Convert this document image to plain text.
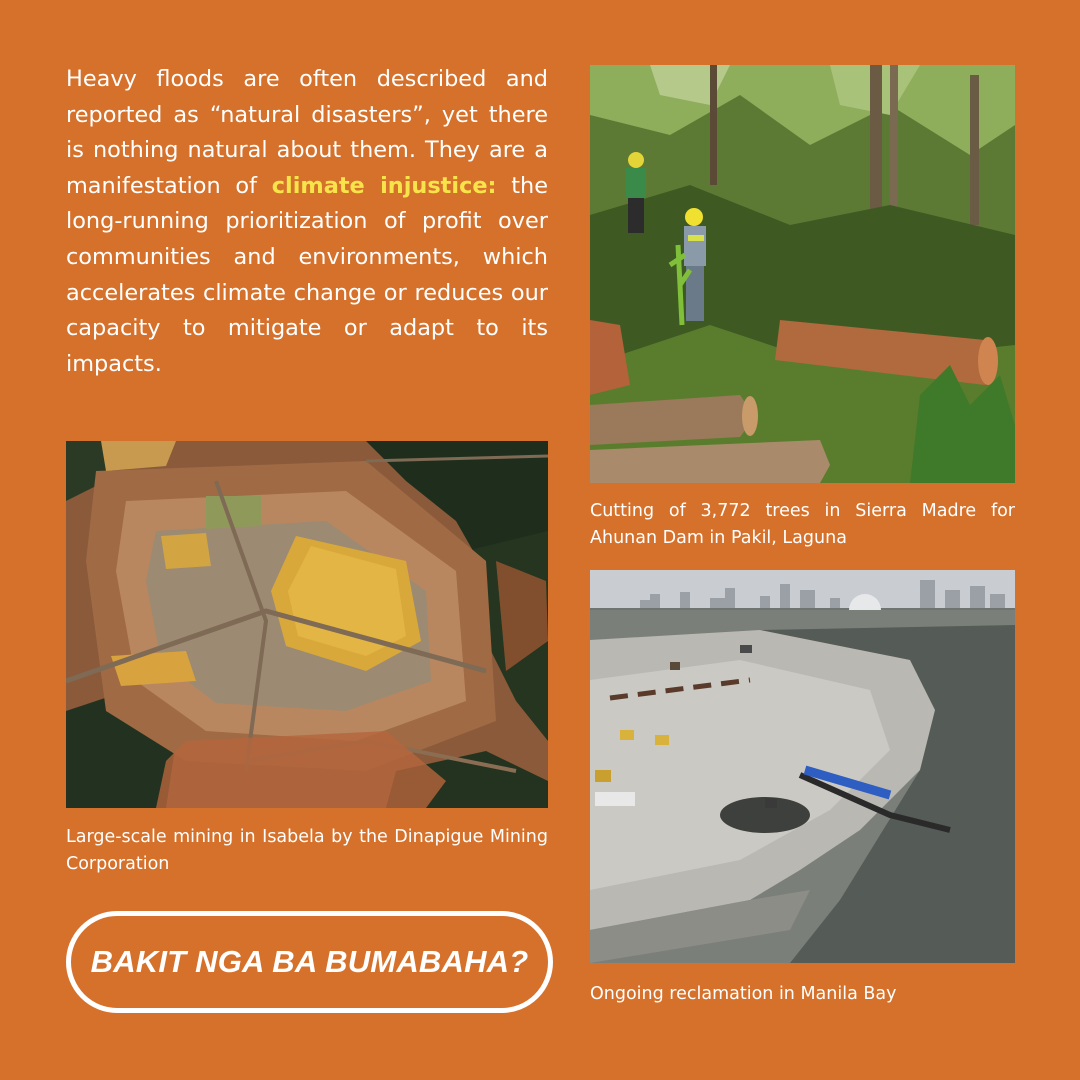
Heavy floods are often described and reported as “natural disasters”, yet there is nothing natural about them. They are a manifestation of climate injustice: the long-running prioritization of profit over communities and environments, which accelerates climate change or reduces our capacity to mitigate or adapt to its impacts.

Large-scale mining in Isabela by the Dinapigue Mining Corporation

Cutting of 3,772 trees in Sierra Madre for Ahunan Dam in Pakil, Laguna

Ongoing reclamation in Manila Bay

BAKIT NGA BA BUMABAHA?
